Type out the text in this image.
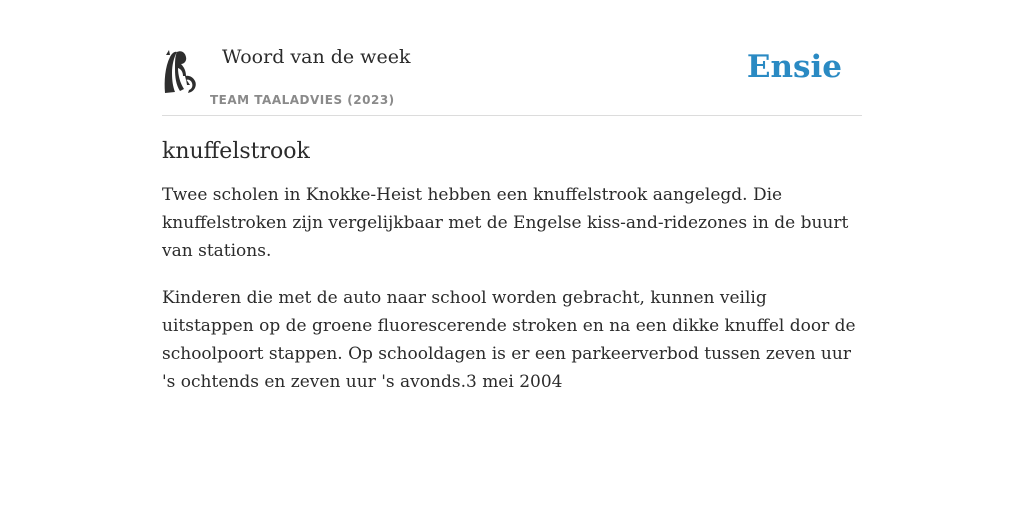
Woord van de week
TEAM TAALADVIES (2023)
Ensie
knuffelstrook

Twee scholen in Knokke-Heist hebben een knuffelstrook aangelegd. Die knuffelstroken zijn vergelijkbaar met de Engelse kiss-and-ridezones in de buurt van stations.

Kinderen die met de auto naar school worden gebracht, kunnen veilig uitstappen op de groene fluorescerende stroken en na een dikke knuffel door de schoolpoort stappen. Op schooldagen is er een parkeerverbod tussen zeven uur 's ochtends en zeven uur 's avonds.3 mei 2004
